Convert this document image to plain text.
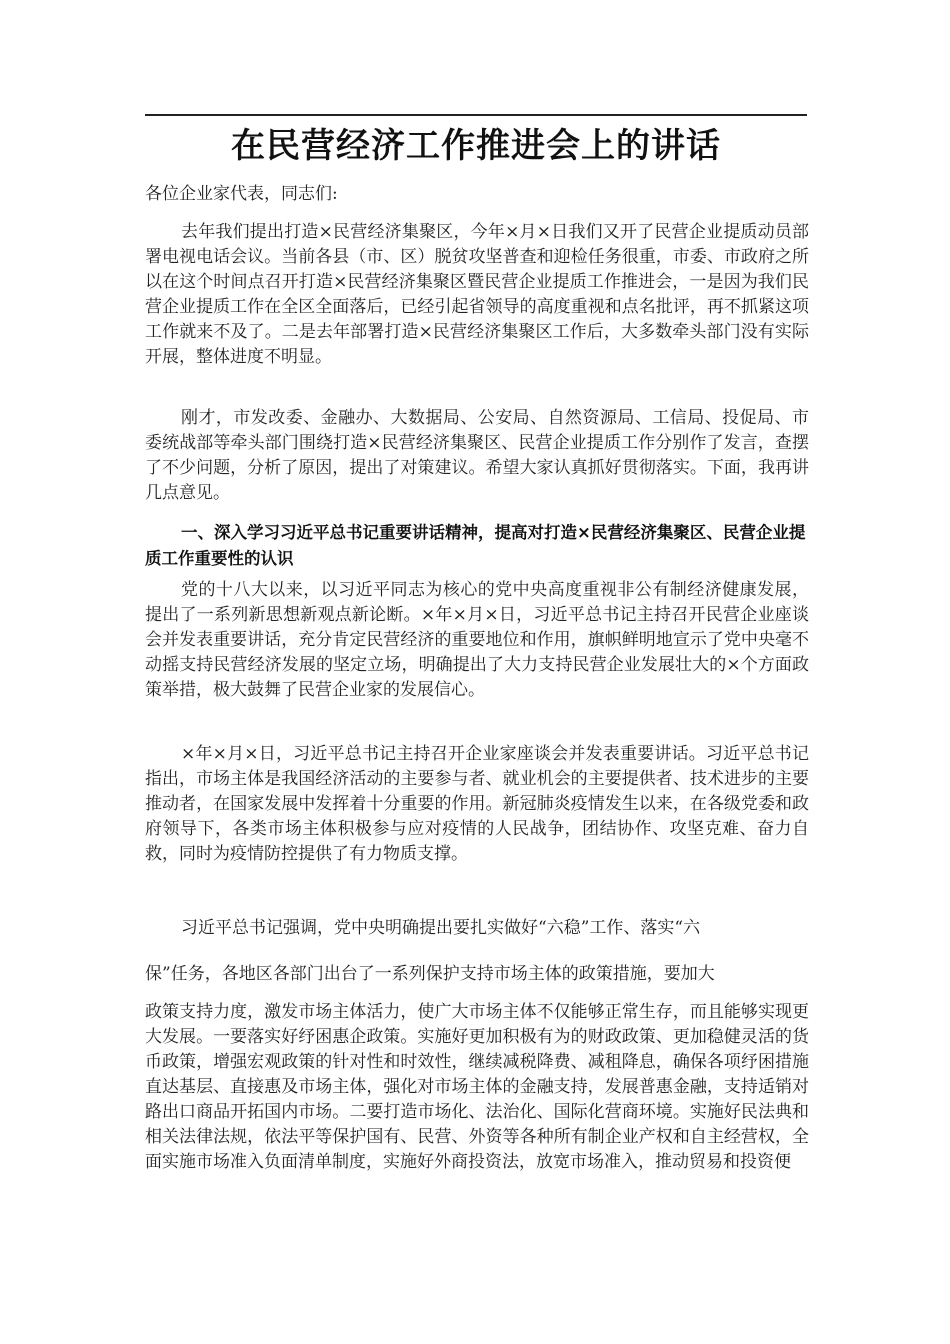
在民营经济工作推进会上的讲话

各位企业家代表，同志们:

去年我们提出打造×民营经济集聚区，今年×月×日我们又开了民营企业提质动员部署电视电话会议。当前各县（市、区）脱贫攻坚普查和迎检任务很重，市委、市政府之所以在这个时间点召开打造×民营经济集聚区暨民营企业提质工作推进会，一是因为我们民营企业提质工作在全区全面落后，已经引起省领导的高度重视和点名批评，再不抓紧这项工作就来不及了。二是去年部署打造×民营经济集聚区工作后，大多数牵头部门没有实际开展，整体进度不明显。

刚才，市发改委、金融办、大数据局、公安局、自然资源局、工信局、投促局、市委统战部等牵头部门围绕打造×民营经济集聚区、民营企业提质工作分别作了发言，查摆了不少问题，分析了原因，提出了对策建议。希望大家认真抓好贯彻落实。下面，我再讲几点意见。

一、深入学习习近平总书记重要讲话精神，提高对打造×民营经济集聚区、民营企业提质工作重要性的认识

党的十八大以来，以习近平同志为核心的党中央高度重视非公有制经济健康发展，提出了一系列新思想新观点新论断。×年×月×日，习近平总书记主持召开民营企业座谈会并发表重要讲话，充分肯定民营经济的重要地位和作用，旗帜鲜明地宣示了党中央毫不动摇支持民营经济发展的坚定立场，明确提出了大力支持民营企业发展壮大的×个方面政策举措，极大鼓舞了民营企业家的发展信心。

×年×月×日，习近平总书记主持召开企业家座谈会并发表重要讲话。习近平总书记指出，市场主体是我国经济活动的主要参与者、就业机会的主要提供者、技术进步的主要推动者，在国家发展中发挥着十分重要的作用。新冠肺炎疫情发生以来，在各级党委和政府领导下，各类市场主体积极参与应对疫情的人民战争，团结协作、攻坚克难、奋力自救，同时为疫情防控提供了有力物质支撑。

习近平总书记强调，党中央明确提出要扎实做好“六稳”工作、落实“六

保”任务，各地区各部门出台了一系列保护支持市场主体的政策措施，要加大

政策支持力度，激发市场主体活力，使广大市场主体不仅能够正常生存，而且能够实现更大发展。一要落实好纾困惠企政策。实施好更加积极有为的财政政策、更加稳健灵活的货币政策，增强宏观政策的针对性和时效性，继续减税降费、减租降息，确保各项纾困措施直达基层、直接惠及市场主体，强化对市场主体的金融支持，发展普惠金融，支持适销对路出口商品开拓国内市场。二要打造市场化、法治化、国际化营商环境。实施好民法典和相关法律法规，依法平等保护国有、民营、外资等各种所有制企业产权和自主经营权，全面实施市场准入负面清单制度，实施好外商投资法，放宽市场准入，推动贸易和投资便
